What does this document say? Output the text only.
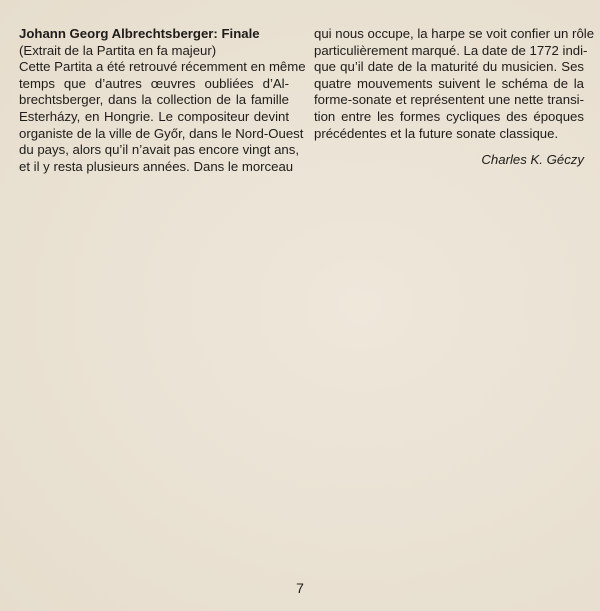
Johann Georg Albrechtsberger: Finale
(Extrait de la Partita en fa majeur)
Cette Partita a été retrouvé récemment en même
temps que d’autres œuvres oubliées d’Al-
brechtsberger, dans la collection de la famille
Esterházy, en Hongrie. Le compositeur devint
organiste de la ville de Győr, dans le Nord-Ouest
du pays, alors qu’il n’avait pas encore vingt ans,
et il y resta plusieurs années. Dans le morceau
qui nous occupe, la harpe se voit confier un rôle
particulièrement marqué. La date de 1772 indi-
que qu’il date de la maturité du musicien. Ses
quatre mouvements suivent le schéma de la
forme-sonate et représentent une nette transi-
tion entre les formes cycliques des époques
précédentes et la future sonate classique.
Charles K. Géczy
7
